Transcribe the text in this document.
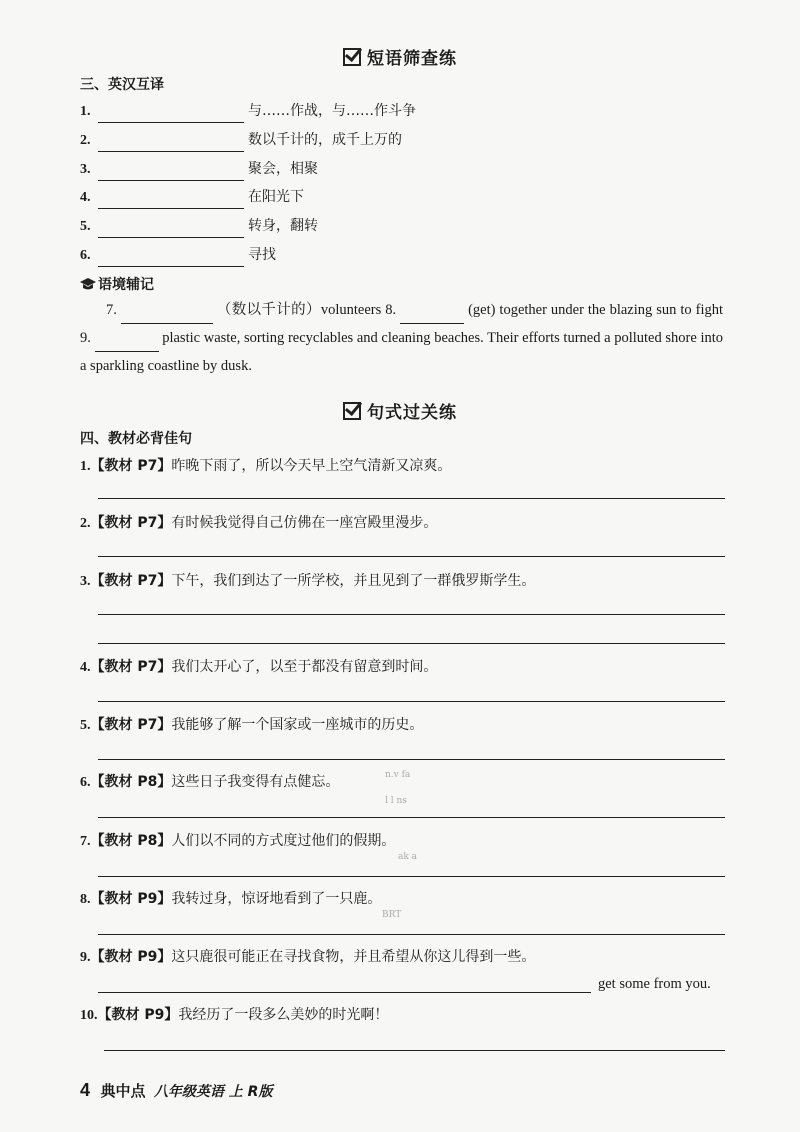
短语筛查练
三、英汉互译
1.	与……作战，与……作斗争
2.	数以千计的，成千上万的
3.	聚会，相聚
4.	在阳光下
5.	转身，翻转
6.	寻找
语境辅记
7.	（数以千计的）volunteers 8.	(get) together under the blazing sun to fight 9.	plastic waste, sorting recyclables and cleaning beaches. Their efforts turned a polluted shore into a sparkling coastline by dusk.
句式过关练
四、教材必背佳句
1.【教材 P7】昨晚下雨了，所以今天早上空气清新又凉爽。
2.【教材 P7】有时候我觉得自己仿佛在一座宫殿里漫步。
3.【教材 P7】下午，我们到达了一所学校，并且见到了一群俄罗斯学生。
4.【教材 P7】我们太开心了，以至于都没有留意到时间。
5.【教材 P7】我能够了解一个国家或一座城市的历史。
6.【教材 P8】这些日子我变得有点健忘。	n.v fa
l l ns
7.【教材 P8】人们以不同的方式度过他们的假期。
ak a
8.【教材 P9】我转过身，惊讶地看到了一只鹿。
BRT
9.【教材 P9】这只鹿很可能正在寻找食物，并且希望从你这儿得到一些。
get some from you.
10.【教材 P9】我经历了一段多么美妙的时光啊！
4 典中点 八年级英语 上 R版
